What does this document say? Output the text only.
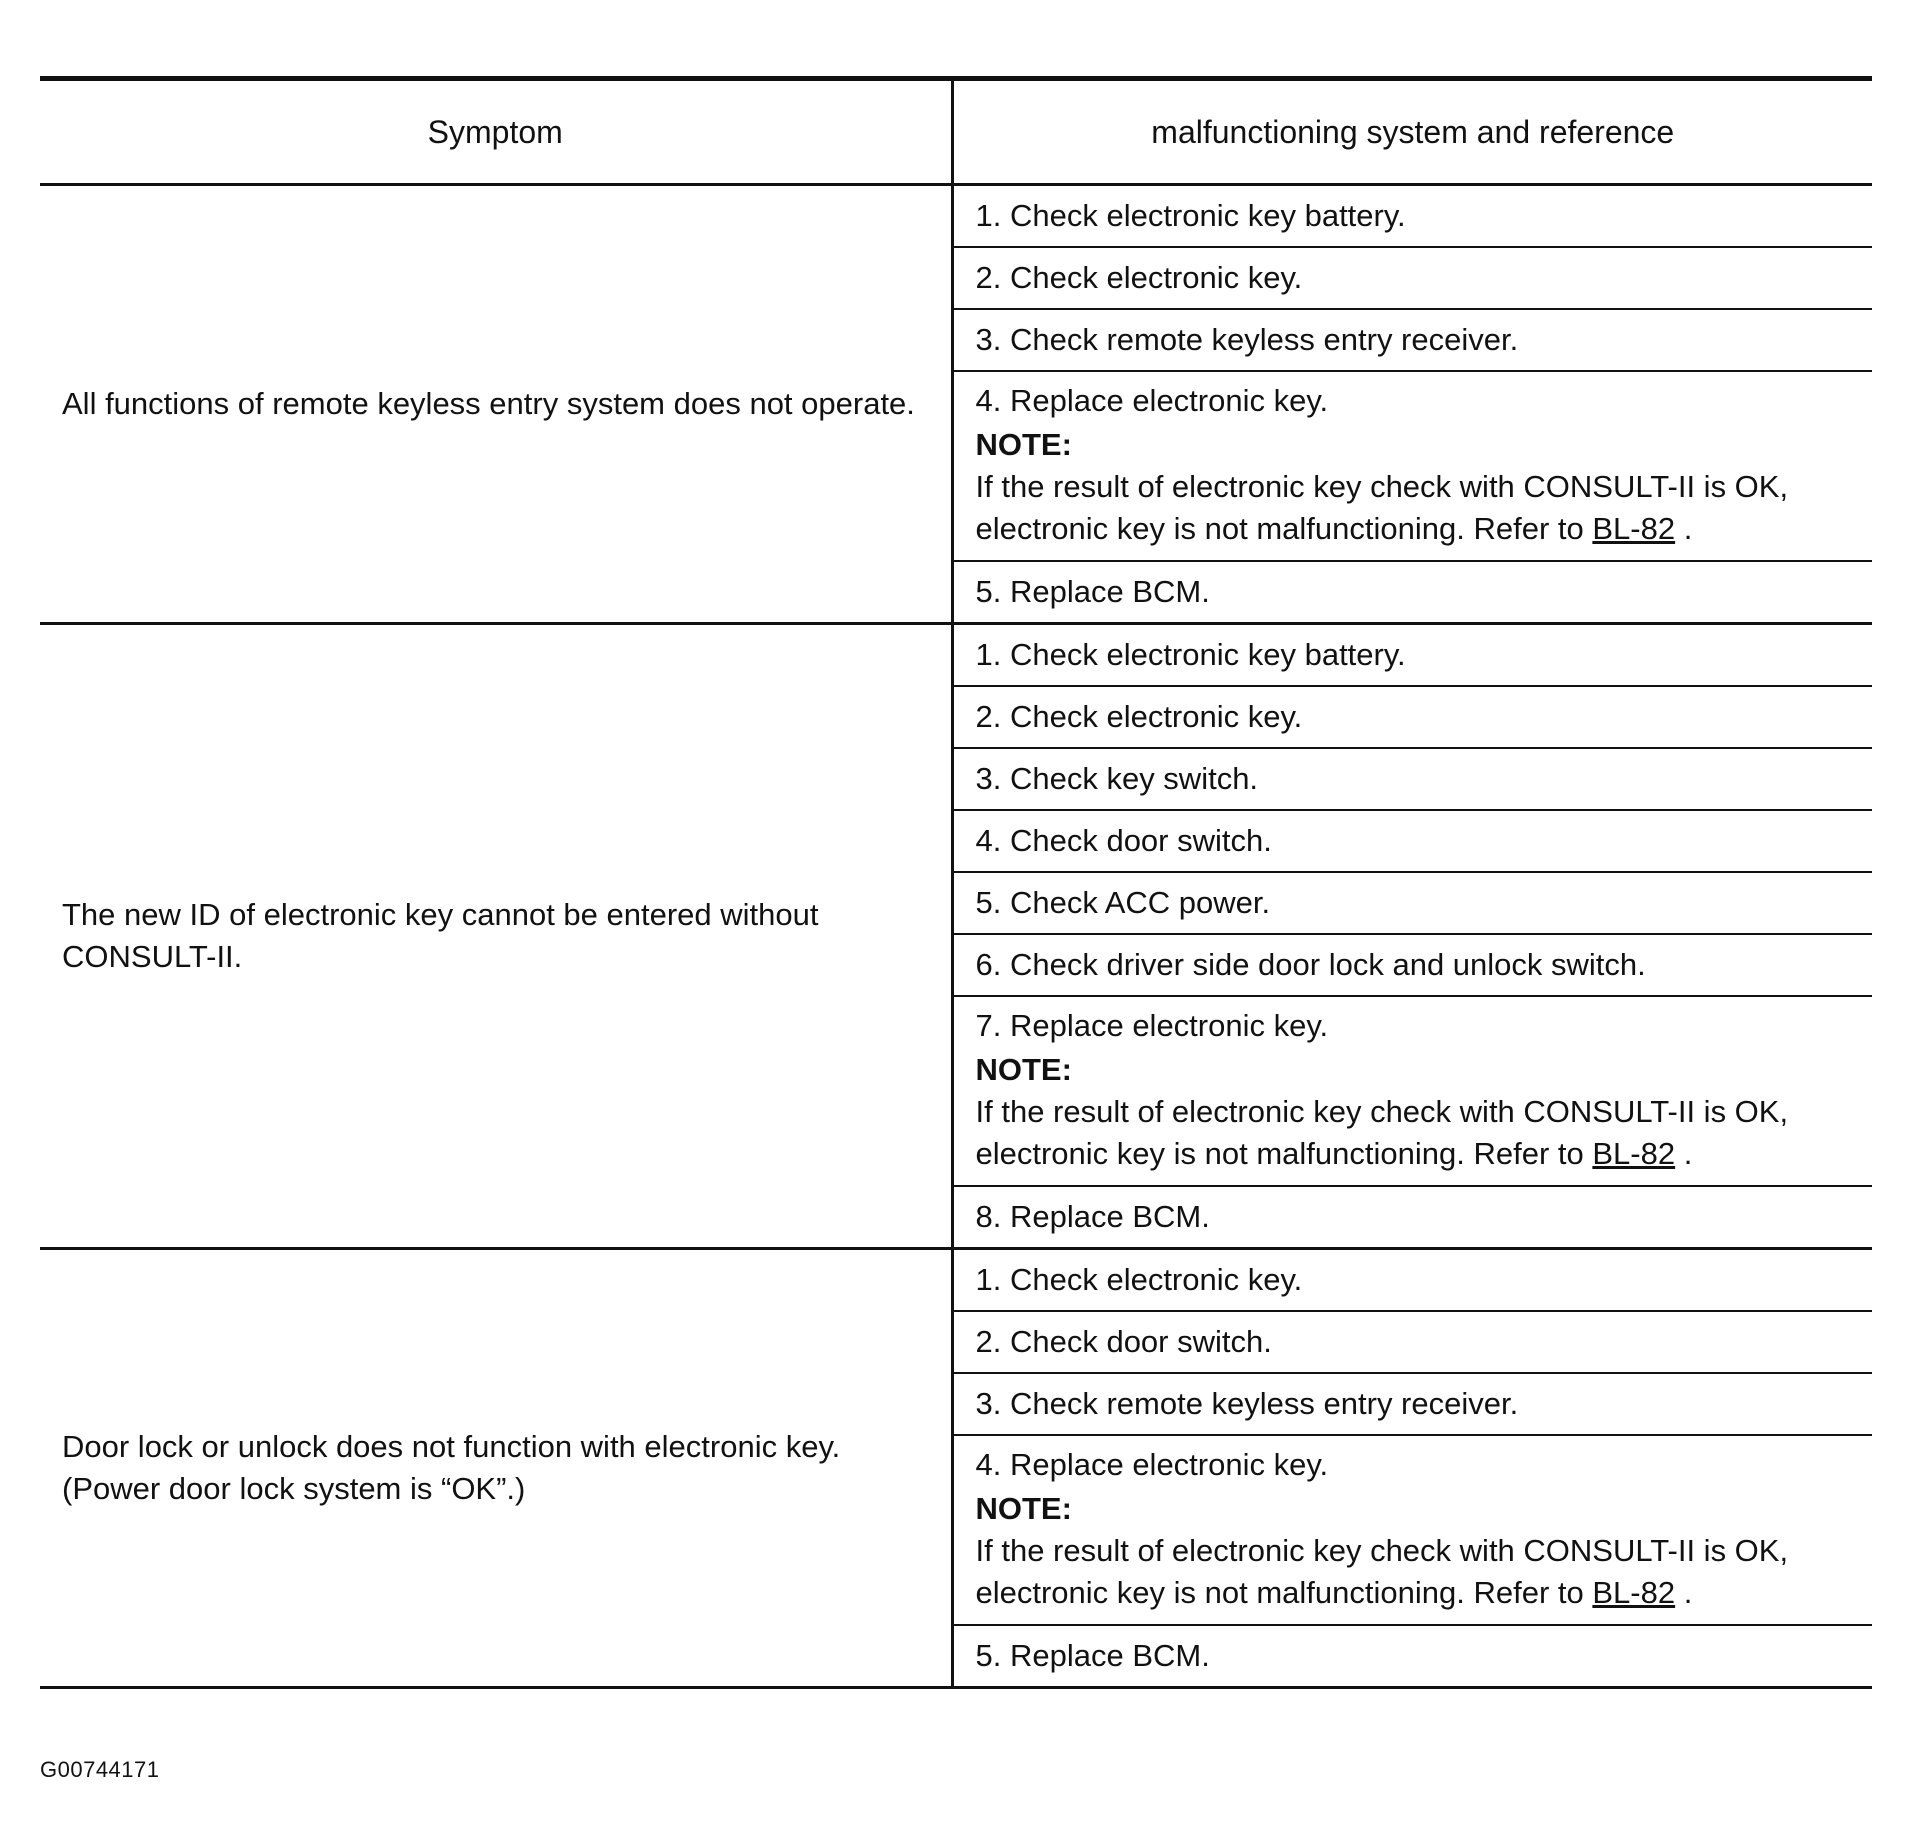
Symptom	malfunctioning system and reference
All functions of remote keyless entry system does not operate.	1. Check electronic key battery.
	2. Check electronic key.
	3. Check remote keyless entry receiver.

	4. Replace electronic key.
NOTE:
If the result of electronic key check with CONSULT-II is OK, electronic key is not malfunctioning. Refer to BL-82 .

	5. Replace BCM.
The new ID of electronic key cannot be entered without CONSULT-II.	1. Check electronic key battery.
	2. Check electronic key.
	3. Check key switch.
	4. Check door switch.
	5. Check ACC power.
	6. Check driver side door lock and unlock switch.

	7. Replace electronic key.
NOTE:
If the result of electronic key check with CONSULT-II is OK, electronic key is not malfunctioning. Refer to BL-82 .

	8. Replace BCM.
Door lock or unlock does not function with electronic key. (Power door lock system is “OK”.)	1. Check electronic key.
	2. Check door switch.
	3. Check remote keyless entry receiver.

	4. Replace electronic key.
NOTE:
If the result of electronic key check with CONSULT-II is OK, electronic key is not malfunctioning. Refer to BL-82 .

	5. Replace BCM.
G00744171
